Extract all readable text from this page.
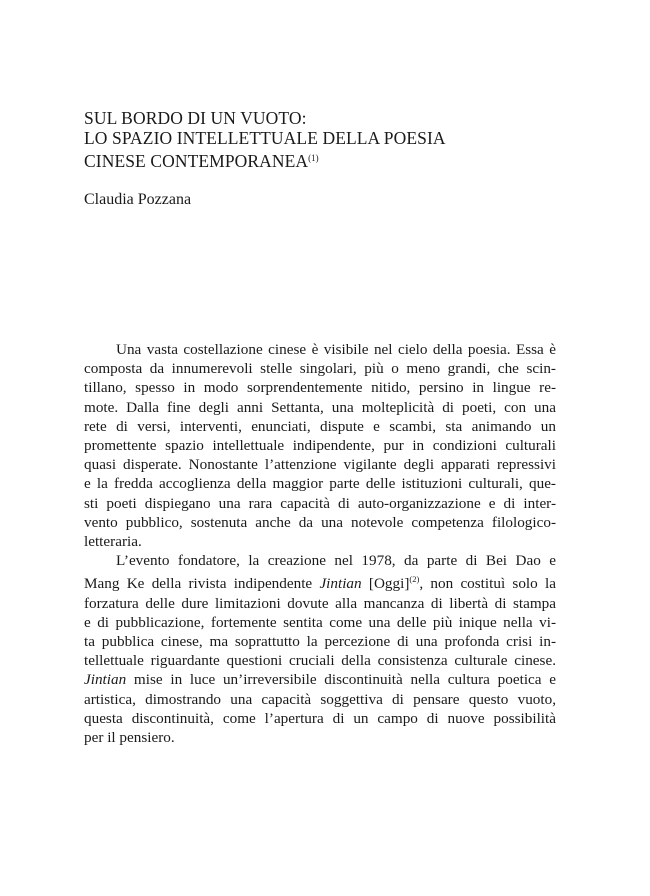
SUL BORDO DI UN VUOTO:
LO SPAZIO INTELLETTUALE DELLA POESIA
CINESE CONTEMPORANEA$^{(1)}$
Claudia Pozzana
Una vasta costellazione cinese è visibile nel cielo della poesia. Essa è
composta da innumerevoli stelle singolari, più o meno grandi, che scin-
tillano, spesso in modo sorprendentemente nitido, persino in lingue re-
mote. Dalla fine degli anni Settanta, una molteplicità di poeti, con una
rete di versi, interventi, enunciati, dispute e scambi, sta animando un
promettente spazio intellettuale indipendente, pur in condizioni culturali
quasi disperate. Nonostante l’attenzione vigilante degli apparati repressivi
e la fredda accoglienza della maggior parte delle istituzioni culturali, que-
sti poeti dispiegano una rara capacità di auto-organizzazione e di inter-
vento pubblico, sostenuta anche da una notevole competenza filologico-
letteraria.
L’evento fondatore, la creazione nel 1978, da parte di Bei Dao e
Mang Ke della rivista indipendente Jintian [Oggi]$^{(2)}$, non costituì solo la
forzatura delle dure limitazioni dovute alla mancanza di libertà di stampa
e di pubblicazione, fortemente sentita come una delle più inique nella vi-
ta pubblica cinese, ma soprattutto la percezione di una profonda crisi in-
tellettuale riguardante questioni cruciali della consistenza culturale cinese.
Jintian mise in luce un’irreversibile discontinuità nella cultura poetica e
artistica, dimostrando una capacità soggettiva di pensare questo vuoto,
questa discontinuità, come l’apertura di un campo di nuove possibilità
per il pensiero.
